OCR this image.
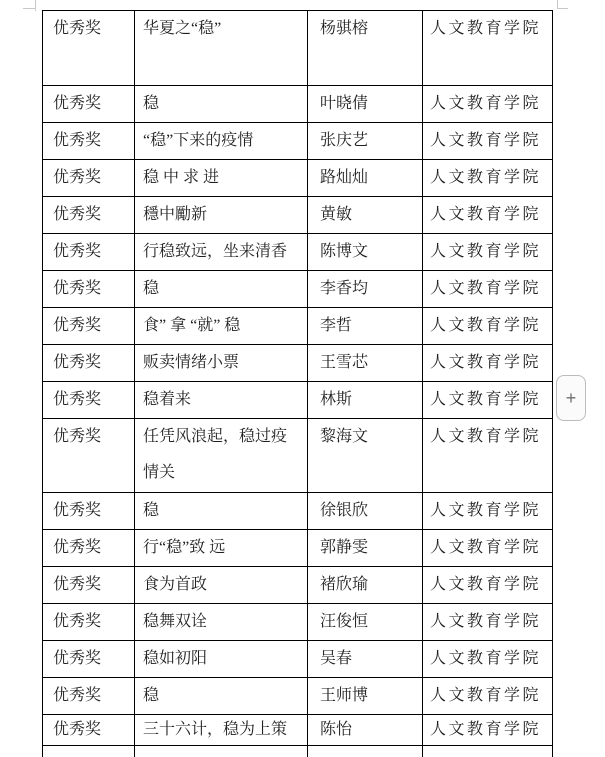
优秀奖	华夏之“稳”	杨骐榕	人文教育学院
优秀奖	稳	叶晓倩	人文教育学院
优秀奖	“稳”下来的疫情	张庆艺	人文教育学院
优秀奖	稳 中 求 进	路灿灿	人文教育学院
优秀奖	穩中勵新	黄敏	人文教育学院
优秀奖	行稳致远，坐来清香	陈博文	人文教育学院
优秀奖	稳	李香均	人文教育学院
优秀奖	食” 拿 “就” 稳	李哲	人文教育学院
优秀奖	贩卖情绪小票	王雪芯	人文教育学院
优秀奖	稳着来	林斯	人文教育学院
优秀奖	任凭风浪起，稳过疫情关	黎海文	人文教育学院
优秀奖	稳	徐银欣	人文教育学院
优秀奖	行“稳”致 远	郭静雯	人文教育学院
优秀奖	食为首政	褚欣瑜	人文教育学院
优秀奖	稳舞双诠	汪俊恒	人文教育学院
优秀奖	稳如初阳	吴春	人文教育学院
优秀奖	稳	王师博	人文教育学院
优秀奖	三十六计，稳为上策	陈怡	人文教育学院

+
